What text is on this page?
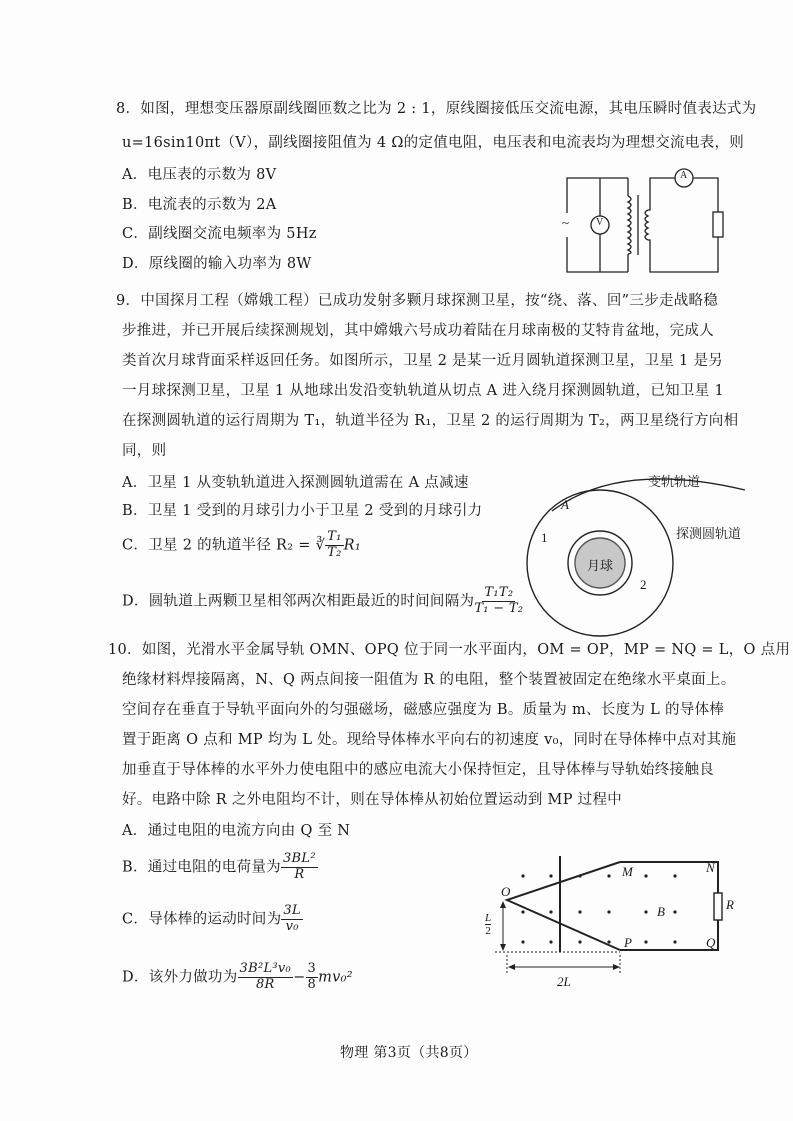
8．如图，理想变压器原副线圈匝数之比为 2 : 1，原线圈接低压交流电源，其电压瞬时值表达式为
u=16sin10πt（V），副线圈接阻值为 4 Ω的定值电阻，电压表和电流表均为理想交流电表，则
A．电压表的示数为 8V
B．电流表的示数为 2A
C．副线圈交流电频率为 5Hz
D．原线圈的输入功率为 8W
V
A
~
9．中国探月工程（嫦娥工程）已成功发射多颗月球探测卫星，按“绕、落、回”三步走战略稳
步推进，并已开展后续探测规划，其中嫦娥六号成功着陆在月球南极的艾特肯盆地，完成人
类首次月球背面采样返回任务。如图所示，卫星 2 是某一近月圆轨道探测卫星，卫星 1 是另
一月球探测卫星，卫星 1 从地球出发沿变轨轨道从切点 A 进入绕月探测圆轨道，已知卫星 1
在探测圆轨道的运行周期为 T₁，轨道半径为 R₁，卫星 2 的运行周期为 T₂，两卫星绕行方向相
同，则
A．卫星 1 从变轨轨道进入探测圆轨道需在 A 点减速
B．卫星 1 受到的月球引力小于卫星 2 受到的月球引力
C．卫星 2 的轨道半径 R₂ = ∛ $\frac{\text{T₁}}{\text{T₂}} R_1$
D．圆轨道上两颗卫星相邻两次相距最近的时间间隔为 $\frac{\text{T₁T₂}}{\text{T₁ − T₂}}$
变轨轨道
探测圆轨道
A
1
2
月球
10．如图，光滑水平金属导轨 OMN、OPQ 位于同一水平面内，OM = OP，MP = NQ = L，O 点用
绝缘材料焊接隔离，N、Q 两点间接一阻值为 R 的电阻，整个装置被固定在绝缘水平桌面上。
空间存在垂直于导轨平面向外的匀强磁场，磁感应强度为 B。质量为 m、长度为 L 的导体棒
置于距离 O 点和 MP 均为 L 处。现给导体棒水平向右的初速度 v₀，同时在导体棒中点对其施
加垂直于导体棒的水平外力使电阻中的感应电流大小保持恒定，且导体棒与导轨始终接触良
好。电路中除 R 之外电阻均不计，则在导体棒从初始位置运动到 MP 过程中
A．通过电阻的电流方向由 Q 至 N
B．通过电阻的电荷量为 $\frac{\text{3BL²}}{R}$
C．导体棒的运动时间为 $\frac{3L}{\text{v₀}}$
D．该外力做功为 $\frac{\text{3B²L³v₀}}{8R} - \frac{3}{8} mv_0^2$
O
M	N
P	Q
R
B
L
2
2L
物理 第3页（共8页）
